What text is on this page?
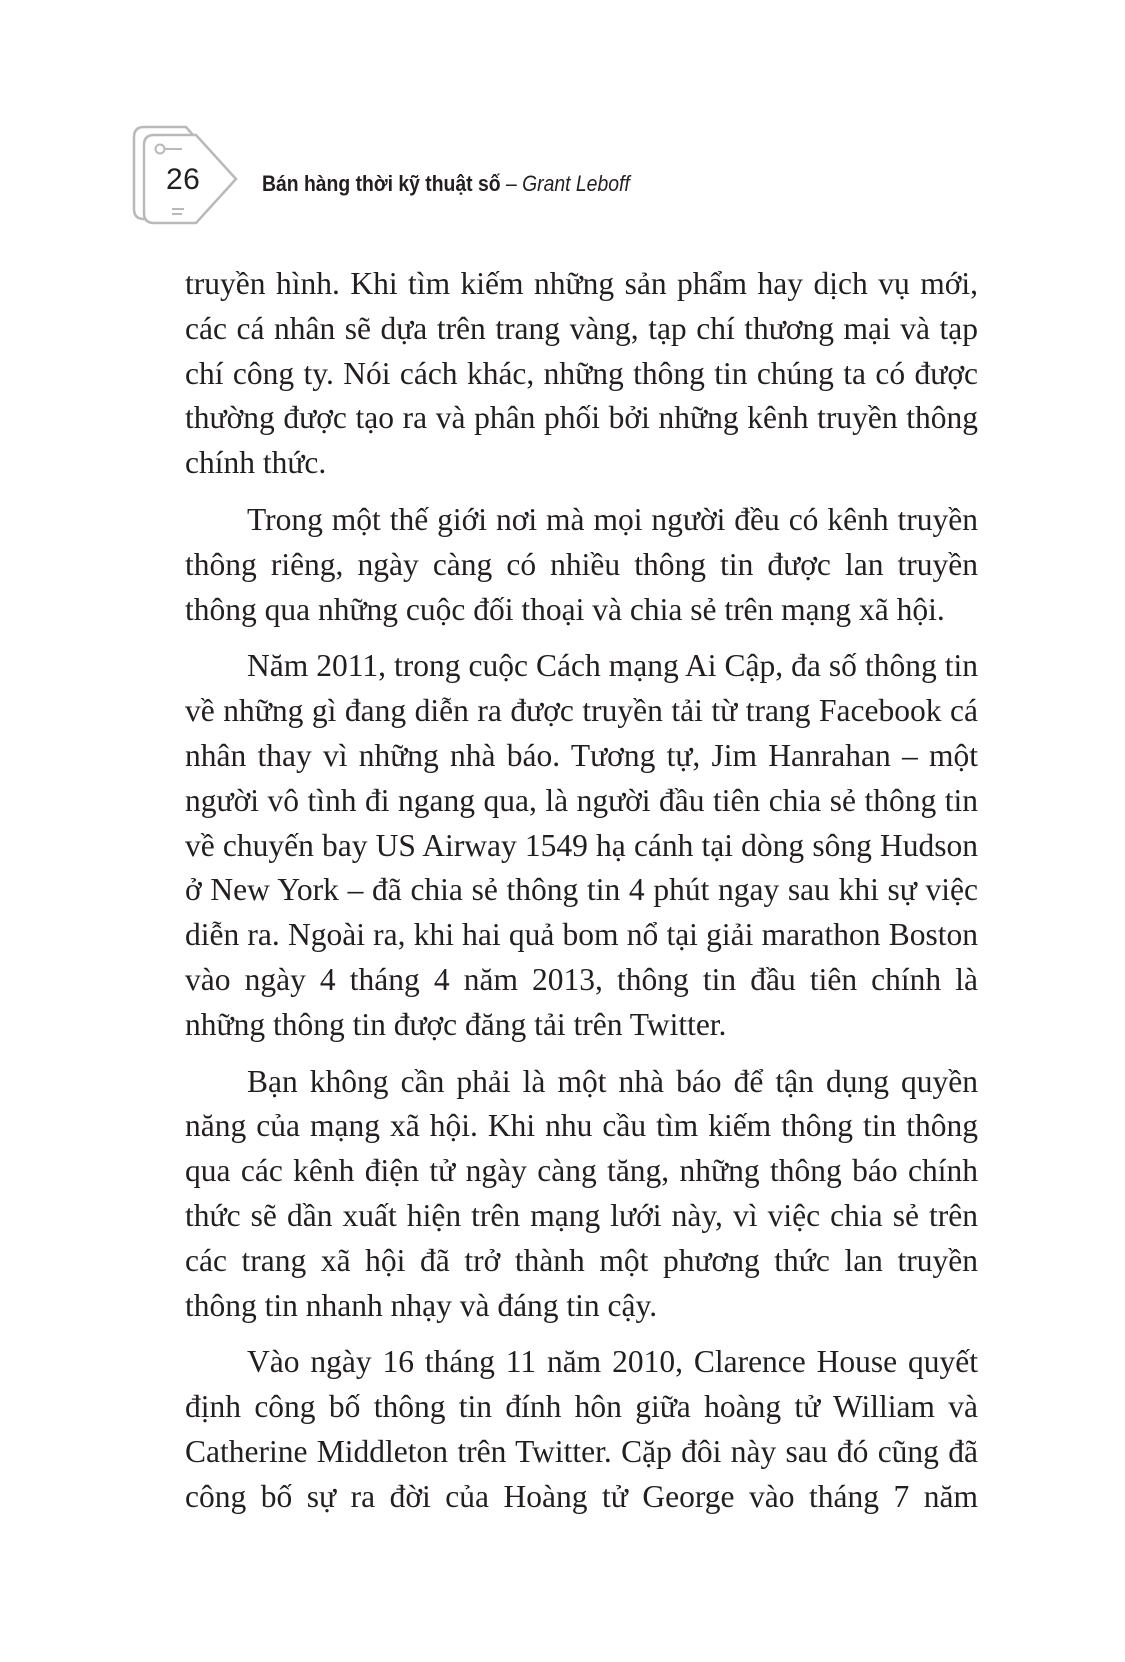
26	Bán hàng thời kỹ thuật số – Grant Leboff

truyền hình. Khi tìm kiếm những sản phẩm hay dịch vụ mới, các cá nhân sẽ dựa trên trang vàng, tạp chí thương mại và tạp chí công ty. Nói cách khác, những thông tin chúng ta có được thường được tạo ra và phân phối bởi những kênh truyền thông chính thức.

Trong một thế giới nơi mà mọi người đều có kênh truyền thông riêng, ngày càng có nhiều thông tin được lan truyền thông qua những cuộc đối thoại và chia sẻ trên mạng xã hội.

Năm 2011, trong cuộc Cách mạng Ai Cập, đa số thông tin về những gì đang diễn ra được truyền tải từ trang Facebook cá nhân thay vì những nhà báo. Tương tự, Jim Hanrahan – một người vô tình đi ngang qua, là người đầu tiên chia sẻ thông tin về chuyến bay US Airway 1549 hạ cánh tại dòng sông Hudson ở New York – đã chia sẻ thông tin 4 phút ngay sau khi sự việc diễn ra. Ngoài ra, khi hai quả bom nổ tại giải marathon Boston vào ngày 4 tháng 4 năm 2013, thông tin đầu tiên chính là những thông tin được đăng tải trên Twitter.

Bạn không cần phải là một nhà báo để tận dụng quyền năng của mạng xã hội. Khi nhu cầu tìm kiếm thông tin thông qua các kênh điện tử ngày càng tăng, những thông báo chính thức sẽ dần xuất hiện trên mạng lưới này, vì việc chia sẻ trên các trang xã hội đã trở thành một phương thức lan truyền thông tin nhanh nhạy và đáng tin cậy.

Vào ngày 16 tháng 11 năm 2010, Clarence House quyết định công bố thông tin đính hôn giữa hoàng tử William và Catherine Middleton trên Twitter. Cặp đôi này sau đó cũng đã công bố sự ra đời của Hoàng tử George vào tháng 7 năm
